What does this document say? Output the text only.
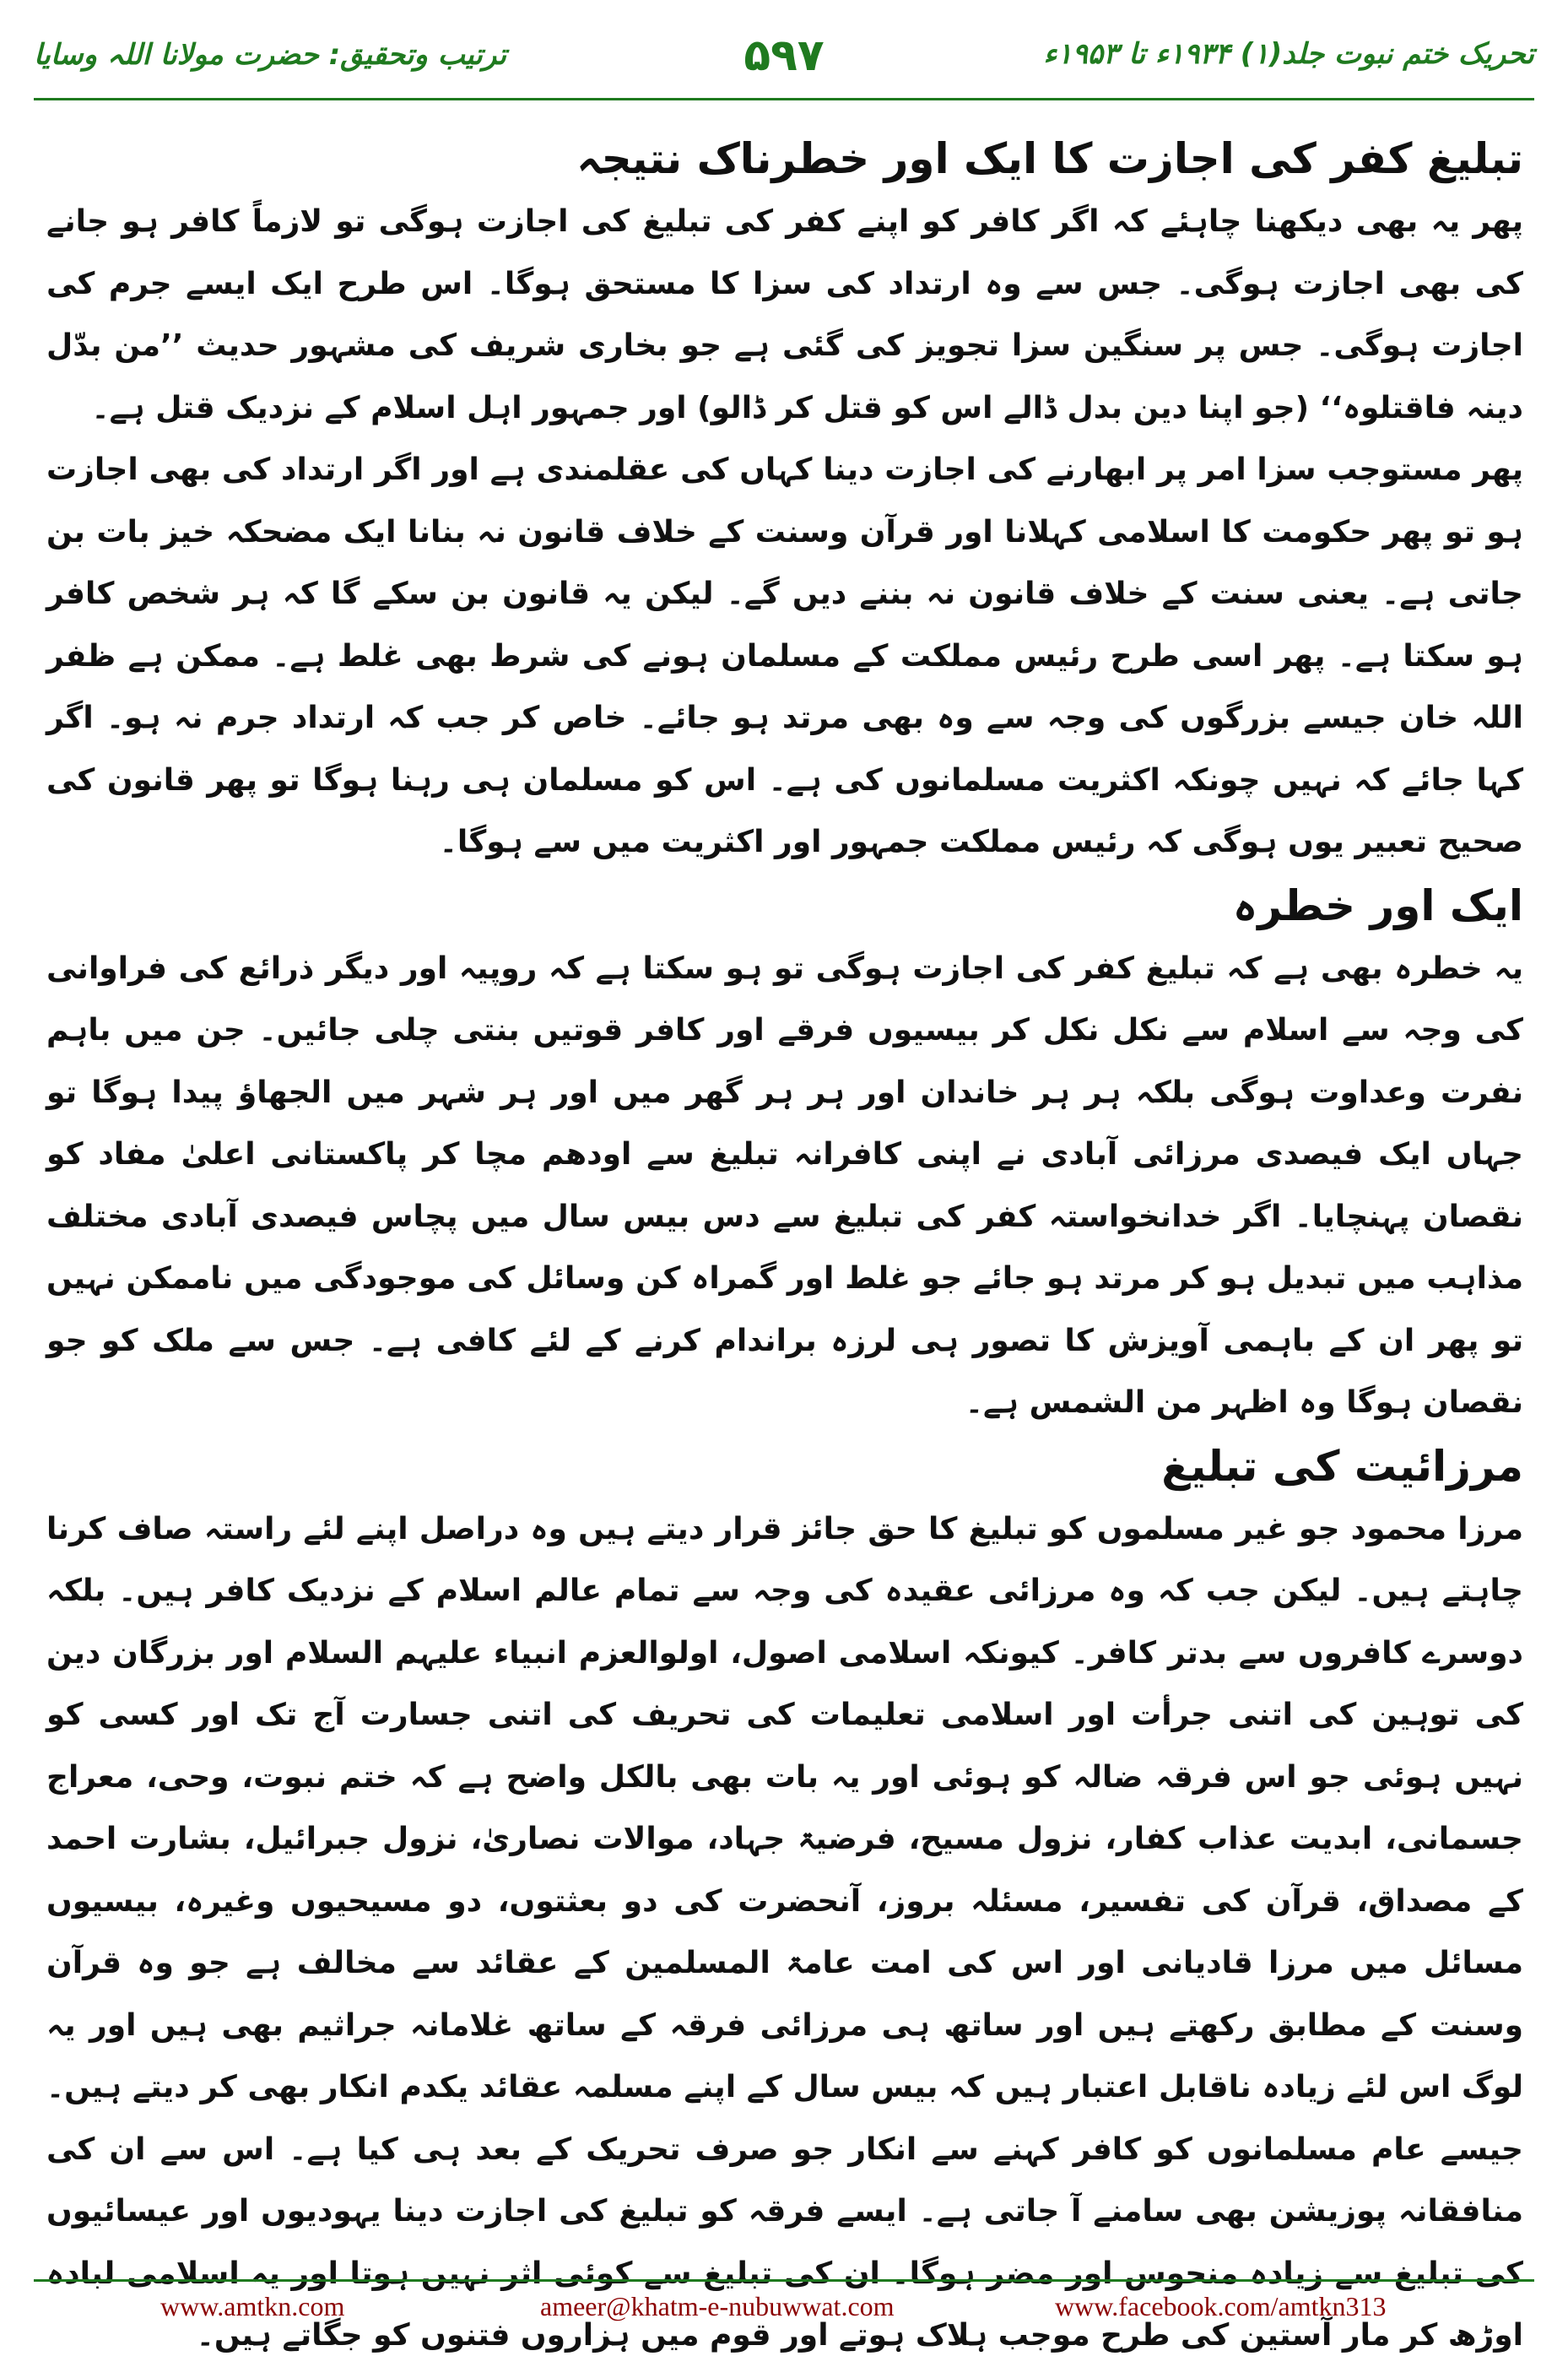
ترتیب وتحقیق: حضرت مولانا اللہ وسایا	۵۹۷	تحریک ختم نبوت جلد(۱) ۱۹۳۴ء تا ۱۹۵۳ء
تبلیغ کفر کی اجازت کا ایک اور خطرناک نتیجہ

پھر یہ بھی دیکھنا چاہئے کہ اگر کافر کو اپنے کفر کی تبلیغ کی اجازت ہوگی تو لازماً کافر ہو جانے کی بھی اجازت ہوگی۔ جس سے وہ ارتداد کی سزا کا مستحق ہوگا۔ اس طرح ایک ایسے جرم کی اجازت ہوگی۔ جس پر سنگین سزا تجویز کی گئی ہے جو بخاری شریف کی مشہور حدیث ’’من بدّل دینہ فاقتلوہ‘‘ (جو اپنا دین بدل ڈالے اس کو قتل کر ڈالو) اور جمہور اہل اسلام کے نزدیک قتل ہے۔

پھر مستوجب سزا امر پر ابھارنے کی اجازت دینا کہاں کی عقلمندی ہے اور اگر ارتداد کی بھی اجازت ہو تو پھر حکومت کا اسلامی کہلانا اور قرآن وسنت کے خلاف قانون نہ بنانا ایک مضحکہ خیز بات بن جاتی ہے۔ یعنی سنت کے خلاف قانون نہ بننے دیں گے۔ لیکن یہ قانون بن سکے گا کہ ہر شخص کافر ہو سکتا ہے۔ پھر اسی طرح رئیس مملکت کے مسلمان ہونے کی شرط بھی غلط ہے۔ ممکن ہے ظفر اللہ خان جیسے بزرگوں کی وجہ سے وہ بھی مرتد ہو جائے۔ خاص کر جب کہ ارتداد جرم نہ ہو۔ اگر کہا جائے کہ نہیں چونکہ اکثریت مسلمانوں کی ہے۔ اس کو مسلمان ہی رہنا ہوگا تو پھر قانون کی صحیح تعبیر یوں ہوگی کہ رئیس مملکت جمہور اور اکثریت میں سے ہوگا۔

ایک اور خطرہ

یہ خطرہ بھی ہے کہ تبلیغ کفر کی اجازت ہوگی تو ہو سکتا ہے کہ روپیہ اور دیگر ذرائع کی فراوانی کی وجہ سے اسلام سے نکل نکل کر بیسیوں فرقے اور کافر قوتیں بنتی چلی جائیں۔ جن میں باہم نفرت وعداوت ہوگی بلکہ ہر ہر خاندان اور ہر ہر گھر میں اور ہر شہر میں الجھاؤ پیدا ہوگا تو جہاں ایک فیصدی مرزائی آبادی نے اپنی کافرانہ تبلیغ سے اودھم مچا کر پاکستانی اعلیٰ مفاد کو نقصان پہنچایا۔ اگر خدانخواستہ کفر کی تبلیغ سے دس بیس سال میں پچاس فیصدی آبادی مختلف مذاہب میں تبدیل ہو کر مرتد ہو جائے جو غلط اور گمراہ کن وسائل کی موجودگی میں ناممکن نہیں تو پھر ان کے باہمی آویزش کا تصور ہی لرزہ براندام کرنے کے لئے کافی ہے۔ جس سے ملک کو جو نقصان ہوگا وہ اظہر من الشمس ہے۔

مرزائیت کی تبلیغ

مرزا محمود جو غیر مسلموں کو تبلیغ کا حق جائز قرار دیتے ہیں وہ دراصل اپنے لئے راستہ صاف کرنا چاہتے ہیں۔ لیکن جب کہ وہ مرزائی عقیدہ کی وجہ سے تمام عالم اسلام کے نزدیک کافر ہیں۔ بلکہ دوسرے کافروں سے بدتر کافر۔ کیونکہ اسلامی اصول، اولوالعزم انبیاء علیہم السلام اور بزرگان دین کی توہین کی اتنی جرأت اور اسلامی تعلیمات کی تحریف کی اتنی جسارت آج تک اور کسی کو نہیں ہوئی جو اس فرقہ ضالہ کو ہوئی اور یہ بات بھی بالکل واضح ہے کہ ختم نبوت، وحی، معراج جسمانی، ابدیت عذاب کفار، نزول مسیح، فرضیۃ جہاد، موالات نصاریٰ، نزول جبرائیل، بشارت احمد کے مصداق، قرآن کی تفسیر، مسئلہ بروز، آنحضرت کی دو بعثتوں، دو مسیحیوں وغیرہ، بیسیوں مسائل میں مرزا قادیانی اور اس کی امت عامۃ المسلمین کے عقائد سے مخالف ہے جو وہ قرآن وسنت کے مطابق رکھتے ہیں اور ساتھ ہی مرزائی فرقہ کے ساتھ غلامانہ جراثیم بھی ہیں اور یہ لوگ اس لئے زیادہ ناقابل اعتبار ہیں کہ بیس سال کے اپنے مسلمہ عقائد یکدم انکار بھی کر دیتے ہیں۔ جیسے عام مسلمانوں کو کافر کہنے سے انکار جو صرف تحریک کے بعد ہی کیا ہے۔ اس سے ان کی منافقانہ پوزیشن بھی سامنے آ جاتی ہے۔ ایسے فرقہ کو تبلیغ کی اجازت دینا یہودیوں اور عیسائیوں کی تبلیغ سے زیادہ منحوس اور مضر ہوگا۔ ان کی تبلیغ سے کوئی اثر نہیں ہوتا اور یہ اسلامی لبادہ اوڑھ کر مار آستین کی طرح موجب ہلاک ہوتے اور قوم میں ہزاروں فتنوں کو جگاتے ہیں۔

www.amtkn.com	ameer@khatm-e-nubuwwat.com	www.facebook.com/amtkn313
